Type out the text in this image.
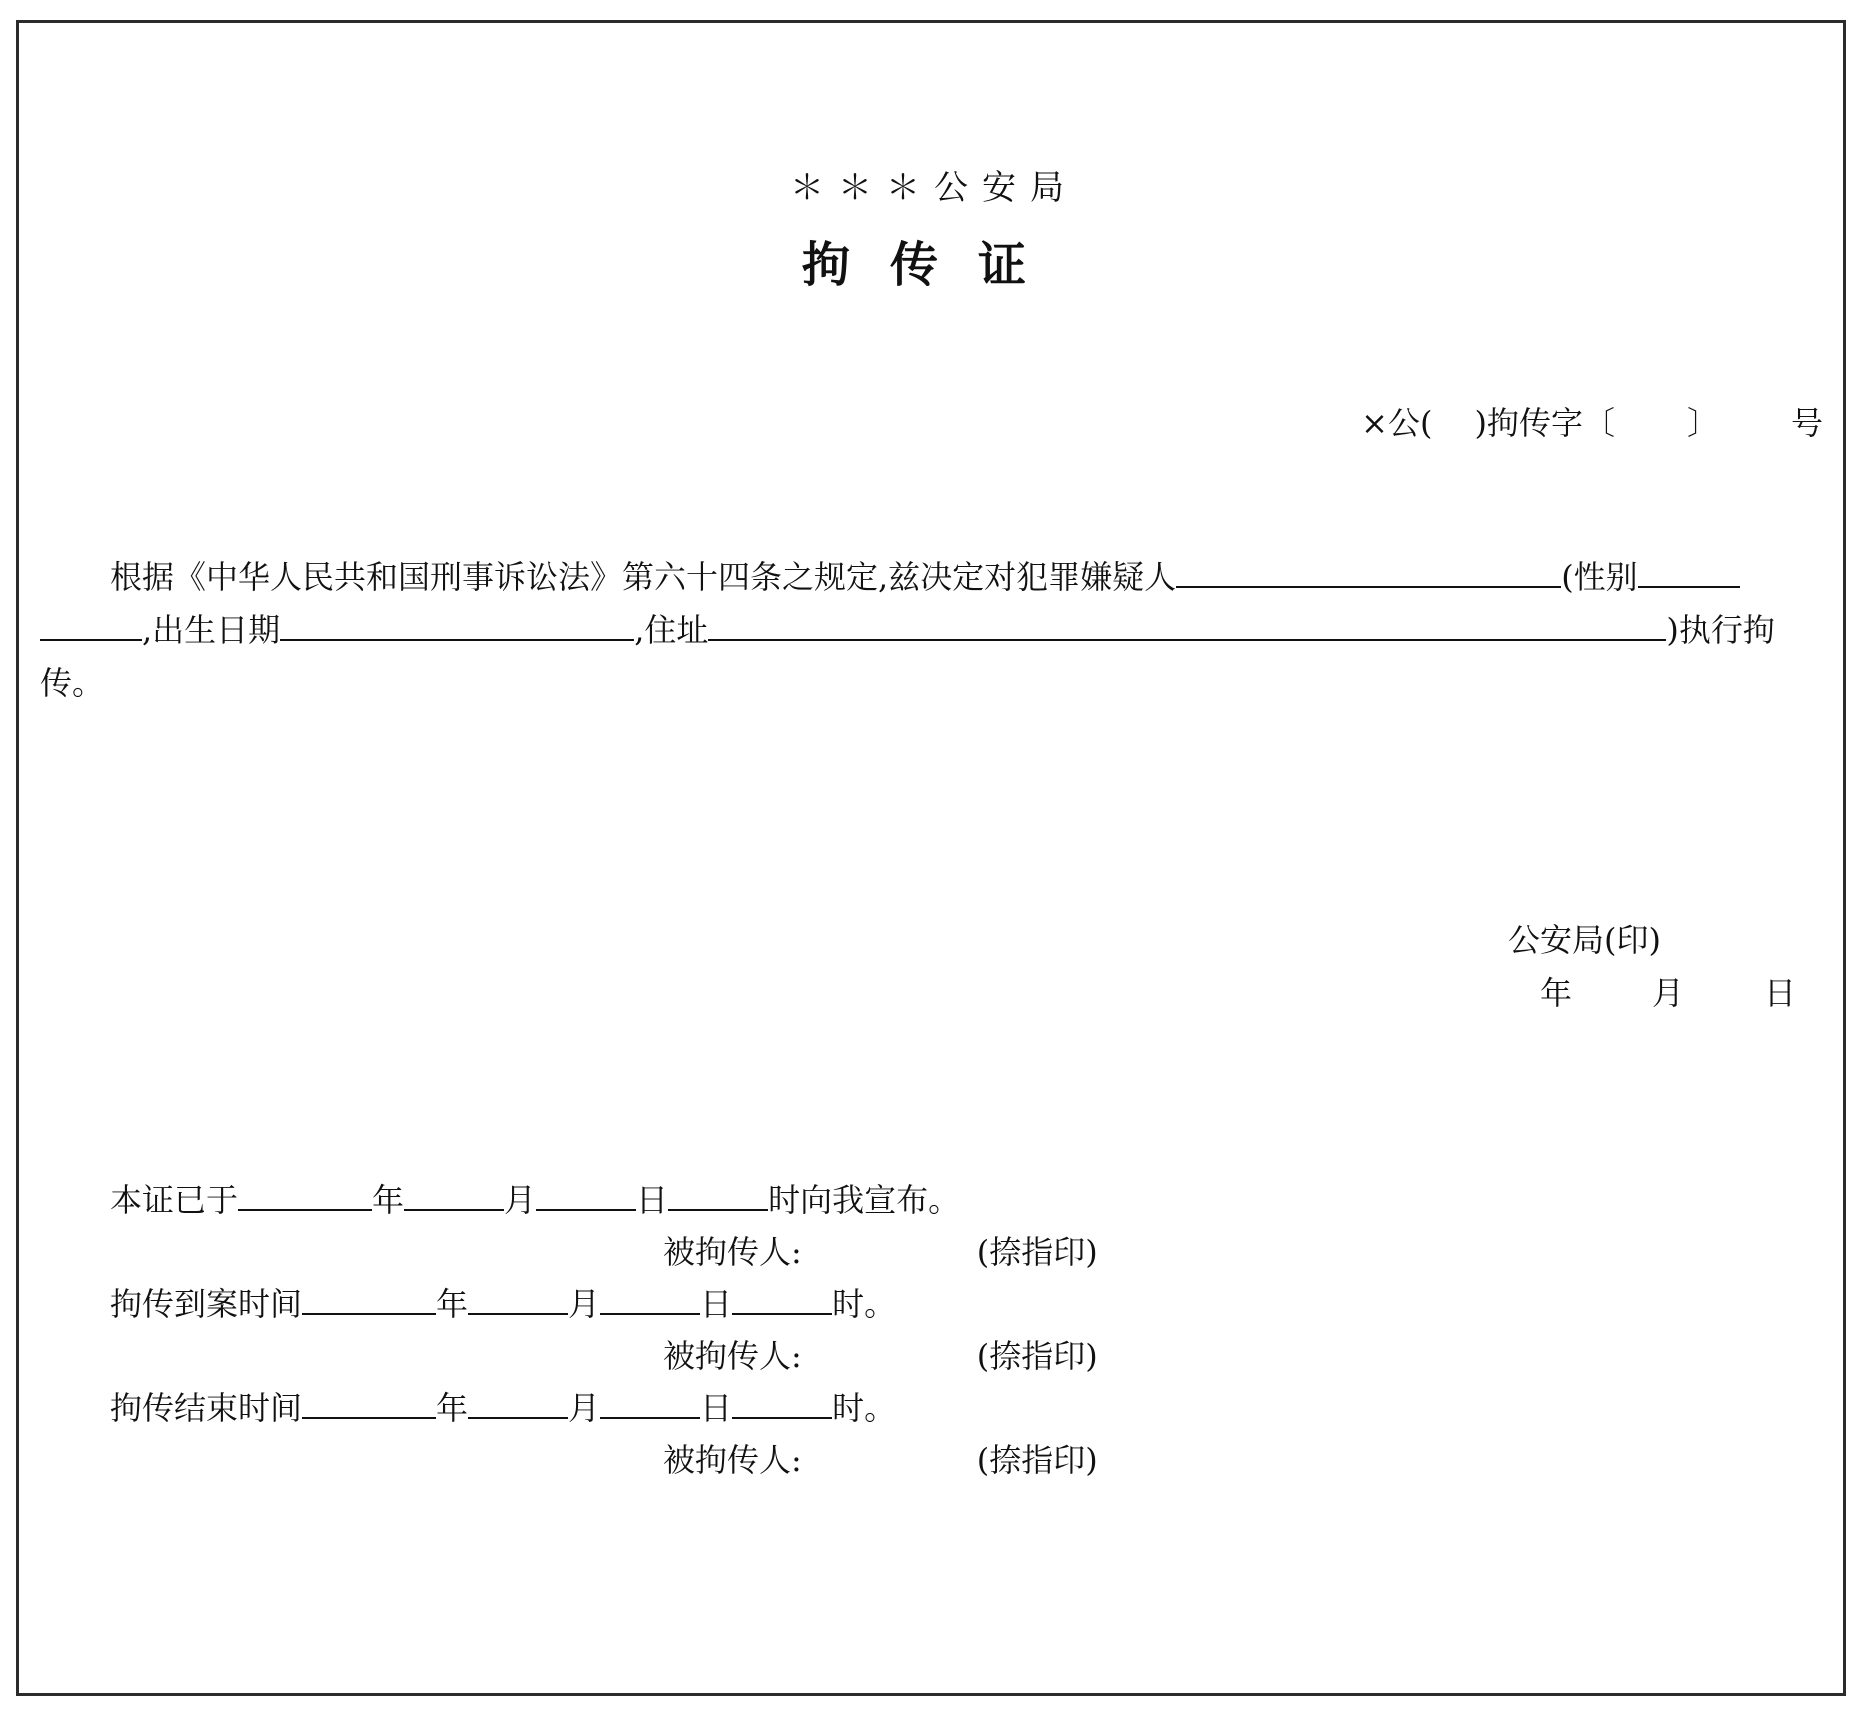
＊＊＊公安局
拘传证
×公( )拘传字〔 〕 号
根据《中华人民共和国刑事诉讼法》第六十四条之规定,兹决定对犯罪嫌疑人	(性别
,出生日期	,住址	)执行拘
传。
公安局(印)
年	月	日
本证已于	年	月	日	时向我宣布。
被拘传人:	(捺指印)
拘传到案时间	年	月	日	时。
被拘传人:	(捺指印)
拘传结束时间	年	月	日	时。
被拘传人:	(捺指印)
